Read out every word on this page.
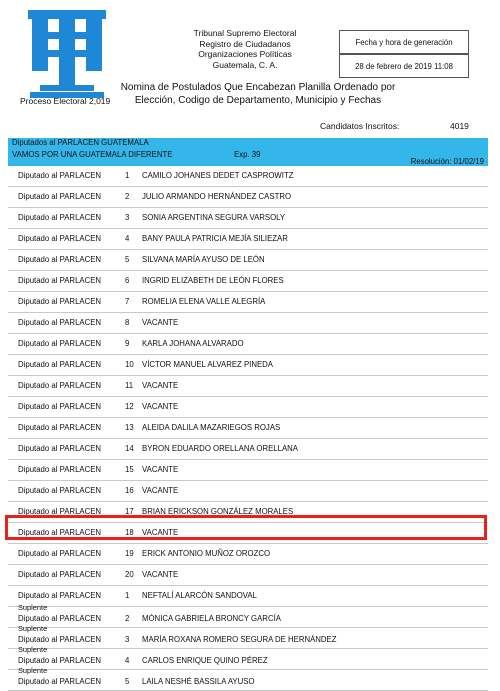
Proceso Electoral 2,019
Tribunal Supremo Electoral
Registro de Ciudadanos
Organizaciones Políticas
Guatemala, C. A.
Fecha y hora de generación
28 de febrero de 2019 11:08
Nomina de Postulados Que Encabezan Planilla Ordenado por
Elección, Codigo de Departamento, Municipio y Fechas
Candidatos Inscritos:	4019
Diputados al PARLACEN GUATEMALA
VAMOS POR UNA GUATEMALA DIFERENTE	Exp. 39
Resolución: 01/02/19
Diputado al PARLACEN	1	CAMILO JOHANES DEDET CASPROWITZ
Diputado al PARLACEN	2	JULIO ARMANDO HERNÁNDEZ CASTRO
Diputado al PARLACEN	3	SONIA ARGENTINA SEGURA VARSOLY
Diputado al PARLACEN	4	BANY PAULA PATRICIA MEJÍA SILIEZAR
Diputado al PARLACEN	5	SILVANA MARÍA AYUSO DE LEÓN
Diputado al PARLACEN	6	INGRID ELIZABETH DE LEÓN FLORES
Diputado al PARLACEN	7	ROMELIA ELENA VALLE ALEGRÍA
Diputado al PARLACEN	8	VACANTE
Diputado al PARLACEN	9	KARLA JOHANA ALVARADO
Diputado al PARLACEN	10	VÍCTOR MANUEL ALVAREZ PINEDA
Diputado al PARLACEN	11	VACANTE
Diputado al PARLACEN	12	VACANTE
Diputado al PARLACEN	13	ALEIDA DALILA MAZARIEGOS ROJAS
Diputado al PARLACEN	14	BYRON EDUARDO ORELLANA ORELLANA
Diputado al PARLACEN	15	VACANTE
Diputado al PARLACEN	16	VACANTE
Diputado al PARLACEN	17	BRIAN ERICKSON GONZÁLEZ MORALES
Diputado al PARLACEN	18	VACANTE
Diputado al PARLACEN	19	ERICK ANTONIO MUÑOZ OROZCO
Diputado al PARLACEN	20	VACANTE
Diputado al PARLACEN	1	NEFTALÍ ALARCÓN SANDOVAL
Suplente
Diputado al PARLACEN	2	MÓNICA GABRIELA BRONCY GARCÍA
Suplente
Diputado al PARLACEN	3	MARÍA ROXANA ROMERO SEGURA DE HERNÁNDEZ
Suplente
Diputado al PARLACEN	4	CARLOS ENRIQUE QUINO PÉREZ
Suplente
Diputado al PARLACEN	5	LAILA NESHÉ BASSILA AYUSO
